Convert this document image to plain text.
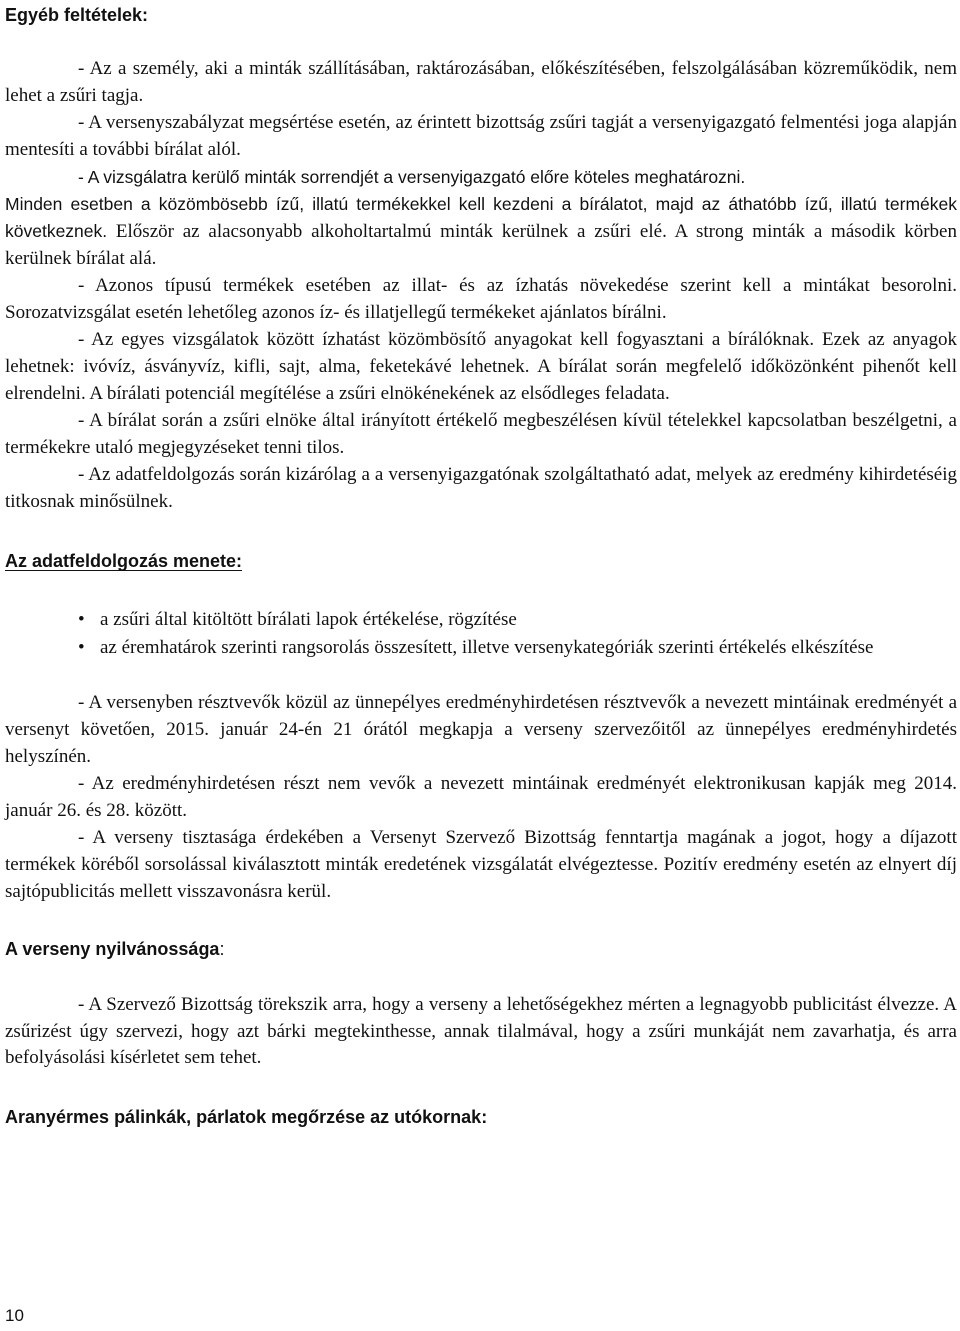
Egyéb feltételek:

- Az a személy, aki a minták szállításában, raktározásában, előkészítésében, felszolgálásában közreműködik, nem lehet a zsűri tagja.

- A versenyszabályzat megsértése esetén, az érintett bizottság zsűri tagját a versenyigazgató felmentési joga alapján mentesíti a további bírálat alól.

- A vizsgálatra kerülő minták sorrendjét a versenyigazgató előre köteles meghatározni.

Minden esetben a közömbösebb ízű, illatú termékekkel kell kezdeni a bírálatot, majd az áthatóbb ízű, illatú termékek következnek. Először az alacsonyabb alkoholtartalmú minták kerülnek a zsűri elé. A strong minták a második körben kerülnek bírálat alá.

- Azonos típusú termékek esetében az illat- és az ízhatás növekedése szerint kell a mintákat besorolni. Sorozatvizsgálat esetén lehetőleg azonos íz- és illatjellegű termékeket ajánlatos bírálni.

- Az egyes vizsgálatok között ízhatást közömbösítő anyagokat kell fogyasztani a bírálóknak. Ezek az anyagok lehetnek: ivóvíz, ásványvíz, kifli, sajt, alma, feketekávé lehetnek. A bírálat során megfelelő időközönként pihenőt kell elrendelni. A bírálati potenciál megítélése a zsűri elnökénekének az elsődleges feladata.

- A bírálat során a zsűri elnöke által irányított értékelő megbeszélésen kívül tételekkel kapcsolatban beszélgetni, a termékekre utaló megjegyzéseket tenni tilos.

- Az adatfeldolgozás során kizárólag a a versenyigazgatónak szolgáltatható adat, melyek az eredmény kihirdetéséig titkosnak minősülnek.

Az adatfeldolgozás menete:
• a zsűri által kitöltött bírálati lapok értékelése, rögzítése
• az éremhatárok szerinti rangsorolás összesített, illetve versenykategóriák szerinti értékelés elkészítése

- A versenyben résztvevők közül az ünnepélyes eredményhirdetésen résztvevők a nevezett mintáinak eredményét a versenyt követően, 2015. január 24-én 21 órától megkapja a verseny szervezőitől az ünnepélyes eredményhirdetés helyszínén.

- Az eredményhirdetésen részt nem vevők a nevezett mintáinak eredményét elektronikusan kapják meg 2014. január 26. és 28. között.

- A verseny tisztasága érdekében a Versenyt Szervező Bizottság fenntartja magának a jogot, hogy a díjazott termékek köréből sorsolással kiválasztott minták eredetének vizsgálatát elvégeztesse. Pozitív eredmény esetén az elnyert díj sajtópublicitás mellett visszavonásra kerül.

A verseny nyilvánossága:

- A Szervező Bizottság törekszik arra, hogy a verseny a lehetőségekhez mérten a legnagyobb publicitást élvezze. A zsűrizést úgy szervezi, hogy azt bárki megtekinthesse, annak tilalmával, hogy a zsűri munkáját nem zavarhatja, és arra befolyásolási kísérletet sem tehet.

Aranyérmes pálinkák, párlatok megőrzése az utókornak:
10
